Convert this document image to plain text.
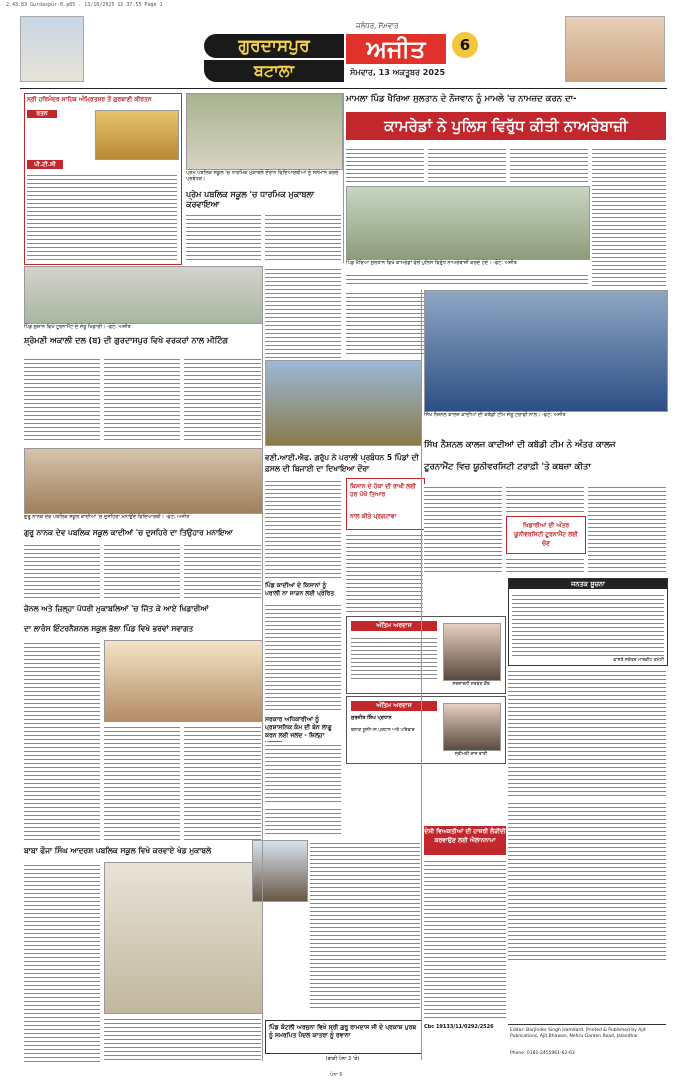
2.43.83 Gurdaspur-6.p65 . 13/10/2025 12.37.55 Page 1
ਗੁਰਦਾਸਪੁਰ
ਬਟਾਲਾ
ਜਲੰਧਰ, ਸੋਮਵਾਰ
ਅਜੀਤ
ਸੋਮਵਾਰ, 13 ਅਕਤੂਬਰ 2025
6
ਸ੍ਰੀ ਹਰਿਮੰਦਰ ਸਾਹਿਬ ਅੰਮ੍ਰਿਤਸਰ ਤੋਂ ਗੁਰਬਾਣੀ ਕੀਰਤਨ
ਰਤਨ
ਪੀ.ਟੀ.ਸੀ
ਪ੍ਰੇਮ ਪਬਲਿਕ ਸਕੂਲ 'ਚ ਧਾਰਮਿਕ ਮੁਕਾਬਲੇ ਦੌਰਾਨ ਵਿਦਿਆਰਥੀਆਂ ਨੂੰ ਸਨਮਾਨ ਕਰਦੇ ਪ੍ਰਬੰਧਕ।
ਪ੍ਰੇਮ ਪਬਲਿਕ ਸਕੂਲ 'ਚ ਧਾਰਮਿਕ ਮੁਕਾਬਲਾ ਕਰਵਾਇਆ
ਮਾਮਲਾ ਪਿੰਡ ਖੈਰਿਆ ਸੁਲਤਾਨ ਦੇ ਨੌਜਵਾਨ ਨੂੰ ਮਾਮਲੇ 'ਚ ਨਾਮਜ਼ਦ ਕਰਨ ਦਾ-
ਕਾਮਰੇਡਾਂ ਨੇ ਪੁਲਿਸ ਵਿਰੁੱਧ ਕੀਤੀ ਨਾਅਰੇਬਾਜ਼ੀ
ਪਿੰਡ ਖੈਰਿਆ ਸੁਲਤਾਨ ਵਿਖੇ ਕਾਮਰੇਡਾਂ ਵੱਲੋਂ ਪੁਲਿਸ ਵਿਰੁੱਧ ਨਾਅਰੇਬਾਜ਼ੀ ਕਰਦੇ ਹੋਏ। -ਫੋਟੋ: ਅਜੀਤ
ਪਿੰਡ ਸ਼ੁਸ਼ਾਨ ਵਿਖੇ ਟੂਰਨਾਮੈਂਟ ਦੇ ਜੇਤੂ ਖਿਡਾਰੀ। -ਫੋਟੋ: ਅਜੀਤ
ਸ਼੍ਰੋਮਣੀ ਅਕਾਲੀ ਦਲ (ਬ) ਦੀ ਗੁਰਦਾਸਪੁਰ ਵਿਖੇ ਵਰਕਰਾਂ ਨਾਲ ਮੀਟਿੰਗ
ਸਿੱਖ ਨੈਸ਼ਨਲ ਕਾਲਜ ਕਾਦੀਆਂ ਦੀ ਕਬੱਡੀ ਟੀਮ ਜੇਤੂ ਟਰਾਫੀ ਨਾਲ। -ਫੋਟੋ: ਅਜੀਤ
ਗੁਰੂ ਨਾਨਕ ਦੇਵ ਪਬਲਿਕ ਸਕੂਲ ਕਾਦੀਆਂ 'ਚ ਦੁਸਹਿਰਾ ਮਨਾਉਂਦੇ ਵਿਦਿਆਰਥੀ। -ਫੋਟੋ: ਅਜੀਤ
ਗੁਰੂ ਨਾਨਕ ਦੇਵ ਪਬਲਿਕ ਸਕੂਲ ਕਾਦੀਆਂ 'ਚ ਦੁਸਹਿਰੇ ਦਾ ਤਿਉਹਾਰ ਮਨਾਇਆ
ਜ਼ੋਨਲ ਅਤੇ ਜ਼ਿਲ੍ਹਾ ਪੱਧਰੀ ਮੁਕਾਬਲਿਆਂ 'ਚ ਜਿੱਤ ਕੇ ਆਏ ਖਿਡਾਰੀਆਂ
ਦਾ ਲਾਰੰਸ ਇੰਟਰਨੈਸ਼ਨਲ ਸਕੂਲ ਭੱਲਾ ਪਿੰਡ ਵਿਖੇ ਭਰਵਾਂ ਸਵਾਗਤ
ਬਾਬਾ ਫੌਜਾ ਸਿੰਘ ਆਦਰਸ਼ ਪਬਲਿਕ ਸਕੂਲ ਵਿਖੇ ਕਰਵਾਏ ਖੇਡ ਮੁਕਾਬਲੇ
ਵਣੀ.ਆਈ.ਐਫ. ਗਰੁੱਪ ਨੇ ਪਰਾਲੀ ਪ੍ਰਬੰਧਨ 5 ਪਿੰਡਾਂ ਦੀ ਫ਼ਸਲ ਦੀ ਬਿਜਾਈ ਦਾ ਦਿਖਾਇਆ ਦੌਰਾ
ਕਿਸਾਨ ਦੇ ਹੱਕਾਂ ਦੀ ਰਾਖੀ ਲਈ ਹਰ ਪੱਖੋਂ ਤਿਆਰ
ਨਾਲ ਕੀਤੇ ਪ੍ਰਗਟਾਵਾ
ਪਿੰਡ ਕਾਦੀਆਂ ਦੇ ਕਿਸਾਨਾਂ ਨੂੰ ਪਰਾਲੀ ਨਾ ਸਾੜਨ ਲਈ ਪ੍ਰੇਰਿਤ
ਸਿੱਖ ਨੈਸ਼ਨਲ ਕਾਲਜ ਕਾਦੀਆਂ ਦੀ ਕਬੱਡੀ ਟੀਮ ਨੇ ਅੰਤਰ ਕਾਲਜ
ਟੂਰਨਾਮੈਂਟ ਵਿਚ ਯੂਨੀਵਰਸਿਟੀ ਟਰਾਫ਼ੀ 'ਤੇ ਕਬਜ਼ਾ ਕੀਤਾ
ਖਿਡਾਰੀਆਂ ਦੀ ਅੰਤਰ ਯੂਨੀਵਰਸਿਟੀ ਟੂਰਨਾਮੈਂਟ ਲਈ ਚੋਣ
ਜਨਤਕ ਸੂਚਨਾ
ਵਾਸਤੇ ਸਕੱਤਰ ਮਾਰਕੀਟ ਕਮੇਟੀ
ਅੰਤਿਮ ਅਰਦਾਸ
ਸਰਦਾਰਨੀ ਸਤਵੰਤ ਕੌਰ
ਅੰਤਿਮ ਅਰਦਾਸ
ਸੁਰਜੀਤ ਸਿੰਘ ਪ੍ਰਧਾਨ
ਬਲਾਕ ਯੂਨੀਅਨ ਪ੍ਰਧਾਨ ਅਤੇ ਪਰਿਵਾਰ
ਸ੍ਰੀਮਤੀ ਰਾਜ ਰਾਣੀ
ਸਰਕਾਰ ਅਧਿਕਾਰੀਆਂ ਨੂੰ ਪ੍ਰਸ਼ਾਸਨਿਕ ਕੰਮ ਦੀ ਬੇਨ ਲਾਗੂ ਕਰਨ ਲਈ ਜਲਦ - ਜ਼ਿਲ੍ਹਾ
ਦੇਸ਼ੀ ਵਿਅਕਤੀਆਂ ਦੀ ਹਾਜ਼ਰੀ ਲੋੜੀਂਦੀ ਕਰਵਾਉਣ ਲਈ ਐਲਾਨਨਾਮਾ
ਪਿੰਡ ਕੋਟਲੀ ਅਰਜੁਨਾ ਵਿਖੇ ਸ੍ਰੀ ਗੁਰੂ ਰਾਮਦਾਸ ਜੀ ਦੇ ਪ੍ਰਕਾਸ਼ ਪੁਰਬ ਨੂੰ ਸਮਰਪਿਤ ਪੈਦਲ ਯਾਤਰਾ ਨੂੰ ਰਵਾਨਾ
(ਬਾਕੀ ਪੰਨਾ 3 'ਤੇ)
Cbc 19133/11/0292/2526
Editor: Barjinder Singh Hamdard. Printed & Published by Ajit Publications, Ajit Bhawan, Nehru Garden Road, Jalandhar.
Phone: 0181-2455961-62-63
ਪੰਨਾ 6
